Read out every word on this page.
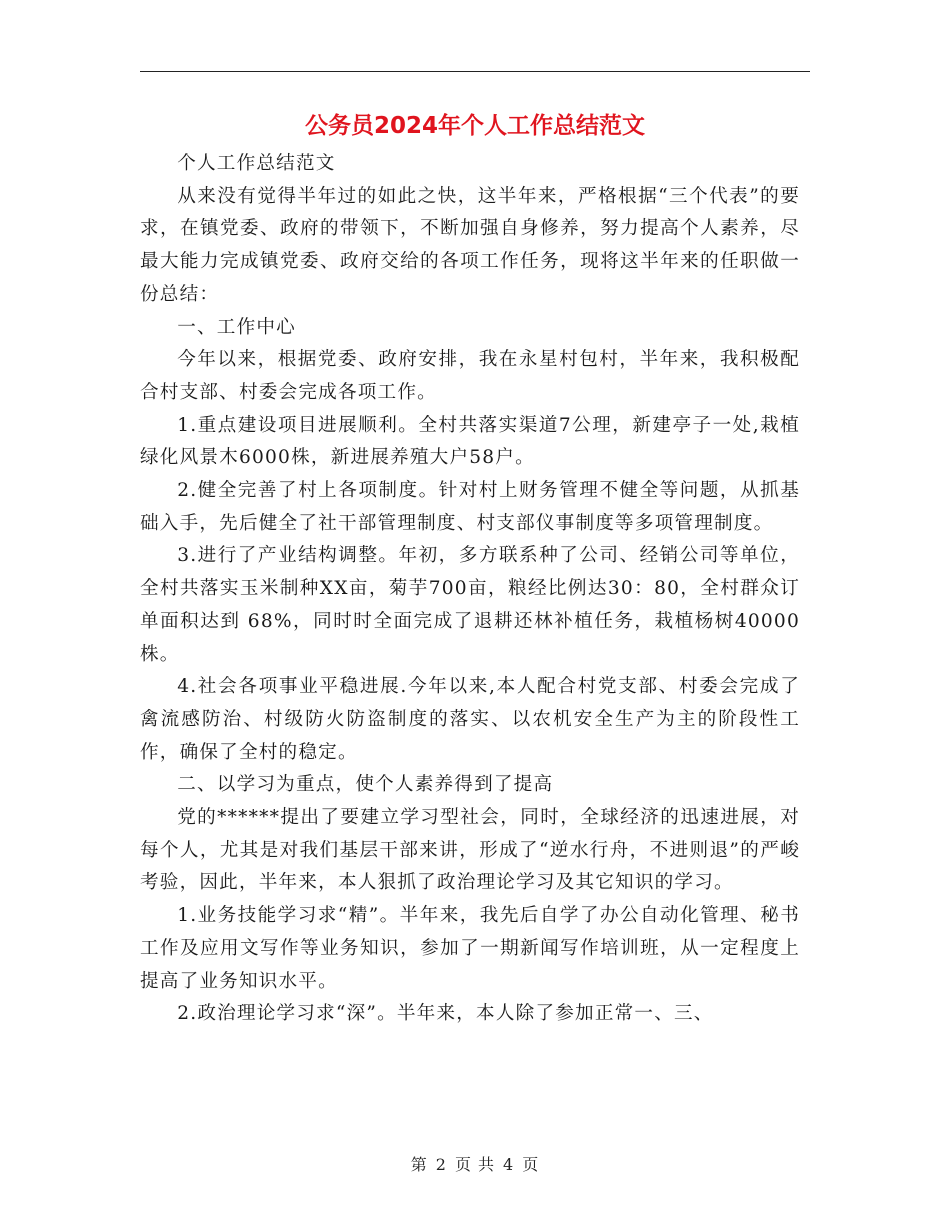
公务员2024年个人工作总结范文

个人工作总结范文

从来没有觉得半年过的如此之快，这半年来，严格根据“三个代表”的要求，在镇党委、政府的带领下，不断加强自身修养，努力提高个人素养，尽最大能力完成镇党委、政府交给的各项工作任务，现将这半年来的任职做一份总结：

一、工作中心

今年以来，根据党委、政府安排，我在永星村包村，半年来，我积极配合村支部、村委会完成各项工作。

1.重点建设项目进展顺利。全村共落实渠道7公理，新建亭子一处,栽植绿化风景木6000株，新进展养殖大户58户。

2.健全完善了村上各项制度。针对村上财务管理不健全等问题，从抓基础入手，先后健全了社干部管理制度、村支部仪事制度等多项管理制度。

3.进行了产业结构调整。年初，多方联系种了公司、经销公司等单位，全村共落实玉米制种XX亩，菊芋700亩，粮经比例达30：80，全村群众订单面积达到 68%，同时时全面完成了退耕还林补植任务，栽植杨树40000株。

4.社会各项事业平稳进展.今年以来,本人配合村党支部、村委会完成了禽流感防治、村级防火防盗制度的落实、以农机安全生产为主的阶段性工作，确保了全村的稳定。

二、以学习为重点，使个人素养得到了提高

党的******提出了要建立学习型社会，同时，全球经济的迅速进展，对每个人，尤其是对我们基层干部来讲，形成了“逆水行舟，不进则退”的严峻考验，因此，半年来，本人狠抓了政治理论学习及其它知识的学习。

1.业务技能学习求“精”。半年来，我先后自学了办公自动化管理、秘书工作及应用文写作等业务知识，参加了一期新闻写作培训班，从一定程度上提高了业务知识水平。

2.政治理论学习求“深”。半年来，本人除了参加正常一、三、

第 2 页 共 4 页
